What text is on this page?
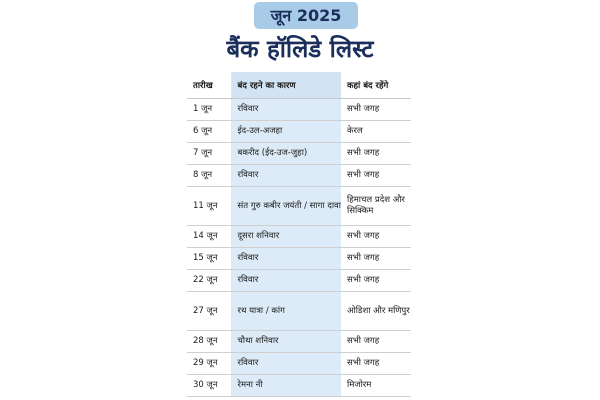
जून 2025
बैंक हॉलिडे लिस्ट
तारीख	बंद रहने का कारण	कहां बंद रहेंगे
1 जून	रविवार	सभी जगह
6 जून	ईद-उल-अजहा	केरल
7 जून	बकरीद (ईद-उज-जुहा)	सभी जगह
8 जून	रविवार	सभी जगह
11 जून	संत गुरु कबीर जयंती / सागा दावा	हिमाचल प्रदेश और सिक्किम
14 जून	दूसरा शनिवार	सभी जगह
15 जून	रविवार	सभी जगह
22 जून	रविवार	सभी जगह
27 जून	रथ यात्रा / कांग	ओडिशा और मणिपुर
28 जून	चौथा शनिवार	सभी जगह
29 जून	रविवार	सभी जगह
30 जून	रेमना नी	मिजोरम
